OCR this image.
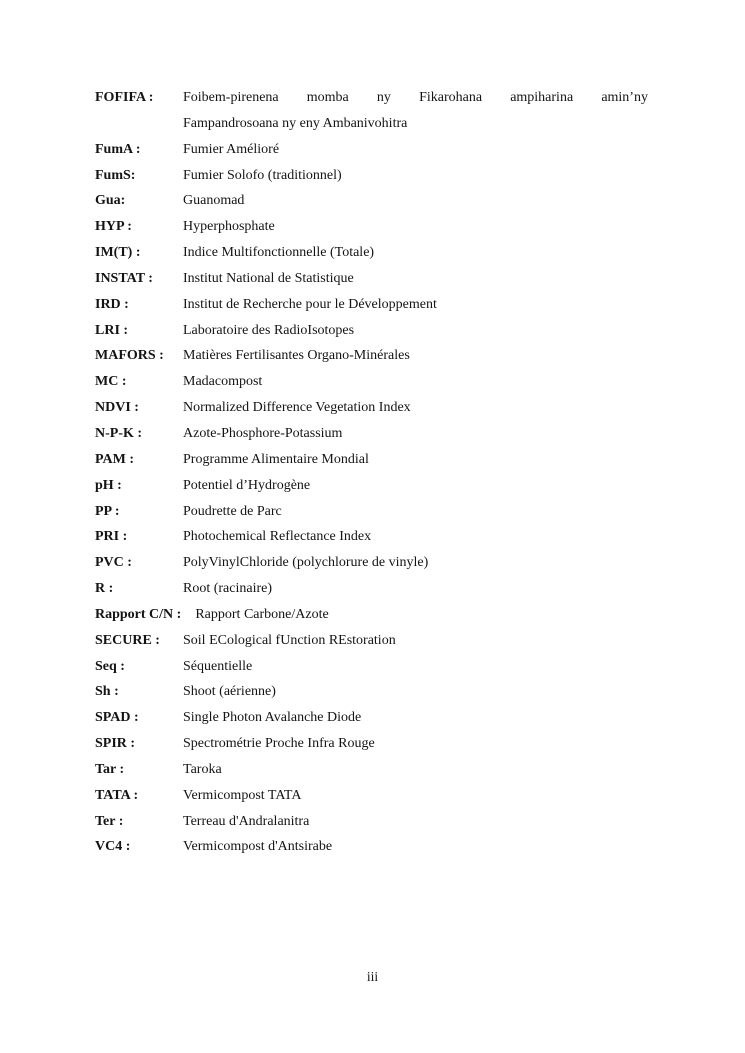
FOFIFA : Foibem-pirenena momba ny Fikarohana ampiharina amin’ny
Fampandrosoana ny eny Ambanivohitra
FumA :	Fumier Amélioré
FumS:	Fumier Solofo (traditionnel)
Gua:	Guanomad
HYP :	Hyperphosphate
IM(T) :	Indice Multifonctionnelle (Totale)
INSTAT : Institut National de Statistique
IRD :	Institut de Recherche pour le Développement
LRI :	Laboratoire des RadioIsotopes
MAFORS : Matières Fertilisantes Organo-Minérales
MC :	Madacompost
NDVI :	Normalized Difference Vegetation Index
N-P-K :	Azote-Phosphore-Potassium
PAM :	Programme Alimentaire Mondial
pH :	Potentiel d’Hydrogène
PP :	Poudrette de Parc
PRI :	Photochemical Reflectance Index
PVC :	PolyVinylChloride (polychlorure de vinyle)
R :	Root (racinaire)
Rapport C/N : Rapport Carbone/Azote
SECURE : Soil ECological fUnction REstoration
Seq :	Séquentielle
Sh :	Shoot (aérienne)
SPAD :	Single Photon Avalanche Diode
SPIR :	Spectrométrie Proche Infra Rouge
Tar :	Taroka
TATA :	Vermicompost TATA
Ter :	Terreau d'Andralanitra
VC4 :	Vermicompost d'Antsirabe
iii
